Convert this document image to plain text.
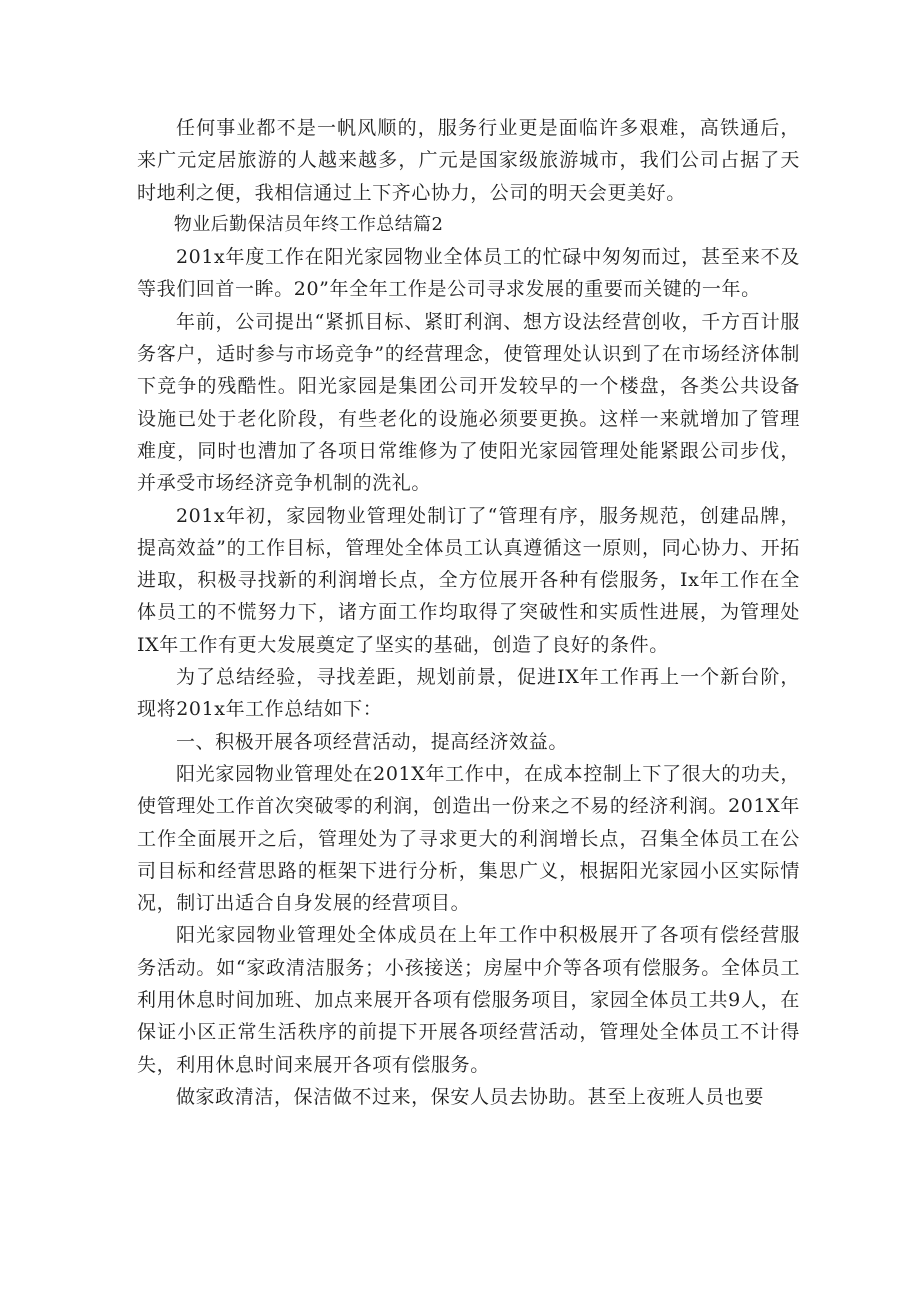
任何事业都不是一帆风顺的，服务行业更是面临许多艰难，高铁通后，来广元定居旅游的人越来越多，广元是国家级旅游城市，我们公司占据了天时地利之便，我相信通过上下齐心协力，公司的明天会更美好。

物业后勤保洁员年终工作总结篇2

201x年度工作在阳光家园物业全体员工的忙碌中匆匆而过，甚至来不及等我们回首一眸。20”年全年工作是公司寻求发展的重要而关键的一年。

年前，公司提出“紧抓目标、紧盯利润、想方设法经营创收，千方百计服务客户，适时参与市场竞争”的经营理念，使管理处认识到了在市场经济体制下竞争的残酷性。阳光家园是集团公司开发较早的一个楼盘，各类公共设备设施已处于老化阶段，有些老化的设施必须要更换。这样一来就增加了管理难度，同时也漕加了各项日常维修为了使阳光家园管理处能紧跟公司步伐，并承受市场经济竞争机制的洗礼。

201x年初，家园物业管理处制订了“管理有序，服务规范，创建品牌，提高效益”的工作目标，管理处全体员工认真遵循这一原则，同心协力、开拓进取，积极寻找新的利润增长点，全方位展开各种有偿服务，Ix年工作在全体员工的不慌努力下，诸方面工作均取得了突破性和实质性进展，为管理处IX年工作有更大发展奠定了坚实的基础，创造了良好的条件。

为了总结经验，寻找差距，规划前景，促进IX年工作再上一个新台阶，现将201x年工作总结如下：

一、积极开展各项经营活动，提高经济效益。

阳光家园物业管理处在201X年工作中，在成本控制上下了很大的功夫，使管理处工作首次突破零的利润，创造出一份来之不易的经济利润。201X年工作全面展开之后，管理处为了寻求更大的利润增长点，召集全体员工在公司目标和经营思路的框架下进行分析，集思广义，根据阳光家园小区实际情况，制订出适合自身发展的经营项目。

阳光家园物业管理处全体成员在上年工作中积极展开了各项有偿经营服务活动。如“家政清洁服务；小孩接送；房屋中介等各项有偿服务。全体员工利用休息时间加班、加点来展开各项有偿服务项目，家园全体员工共9人，在保证小区正常生活秩序的前提下开展各项经营活动，管理处全体员工不计得失，利用休息时间来展开各项有偿服务。

做家政清洁，保洁做不过来，保安人员去协助。甚至上夜班人员也要
